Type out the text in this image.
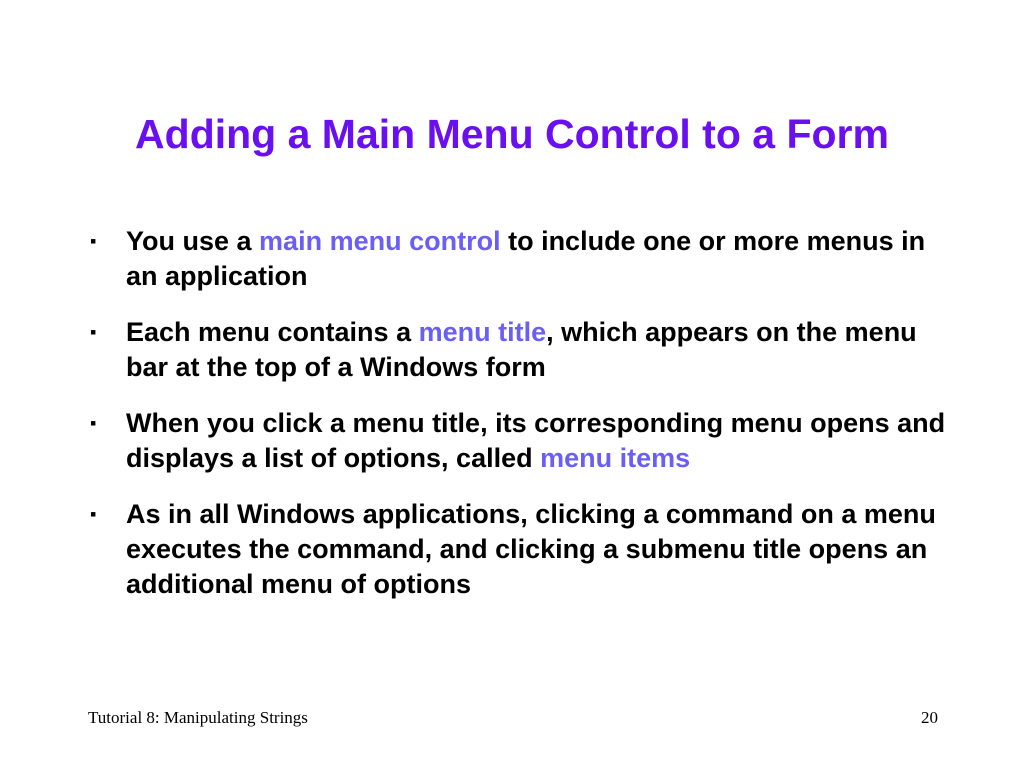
Adding a Main Menu Control to a Form
▪ You use a main menu control to include one or more menus in an application
▪ Each menu contains a menu title, which appears on the menu bar at the top of a Windows form
▪ When you click a menu title, its corresponding menu opens and displays a list of options, called menu items
▪ As in all Windows applications, clicking a command on a menu executes the command, and clicking a submenu title opens an additional menu of options
Tutorial 8: Manipulating Strings	20
